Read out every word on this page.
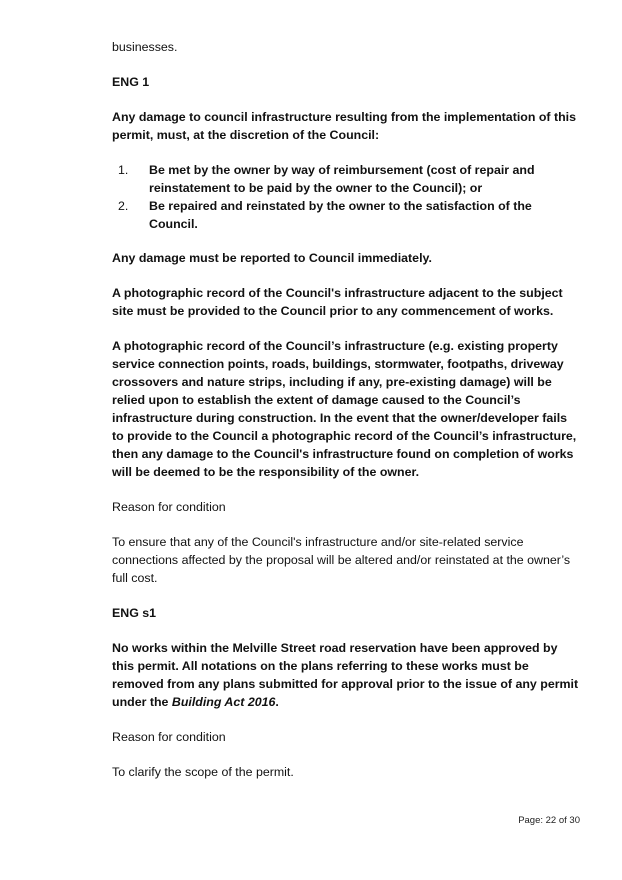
businesses.

ENG 1

Any damage to council infrastructure resulting from the implementation of this permit, must, at the discretion of the Council:

1. Be met by the owner by way of reimbursement (cost of repair and reinstatement to be paid by the owner to the Council); or
2. Be repaired and reinstated by the owner to the satisfaction of the Council.

Any damage must be reported to Council immediately.

A photographic record of the Council's infrastructure adjacent to the subject site must be provided to the Council prior to any commencement of works.

A photographic record of the Council’s infrastructure (e.g. existing property service connection points, roads, buildings, stormwater, footpaths, driveway crossovers and nature strips, including if any, pre-existing damage) will be relied upon to establish the extent of damage caused to the Council’s infrastructure during construction. In the event that the owner/developer fails to provide to the Council a photographic record of the Council’s infrastructure, then any damage to the Council's infrastructure found on completion of works will be deemed to be the responsibility of the owner.

Reason for condition

To ensure that any of the Council's infrastructure and/or site-related service connections affected by the proposal will be altered and/or reinstated at the owner’s full cost.

ENG s1

No works within the Melville Street road reservation have been approved by this permit. All notations on the plans referring to these works must be removed from any plans submitted for approval prior to the issue of any permit under the Building Act 2016.

Reason for condition

To clarify the scope of the permit.

Page: 22 of 30
